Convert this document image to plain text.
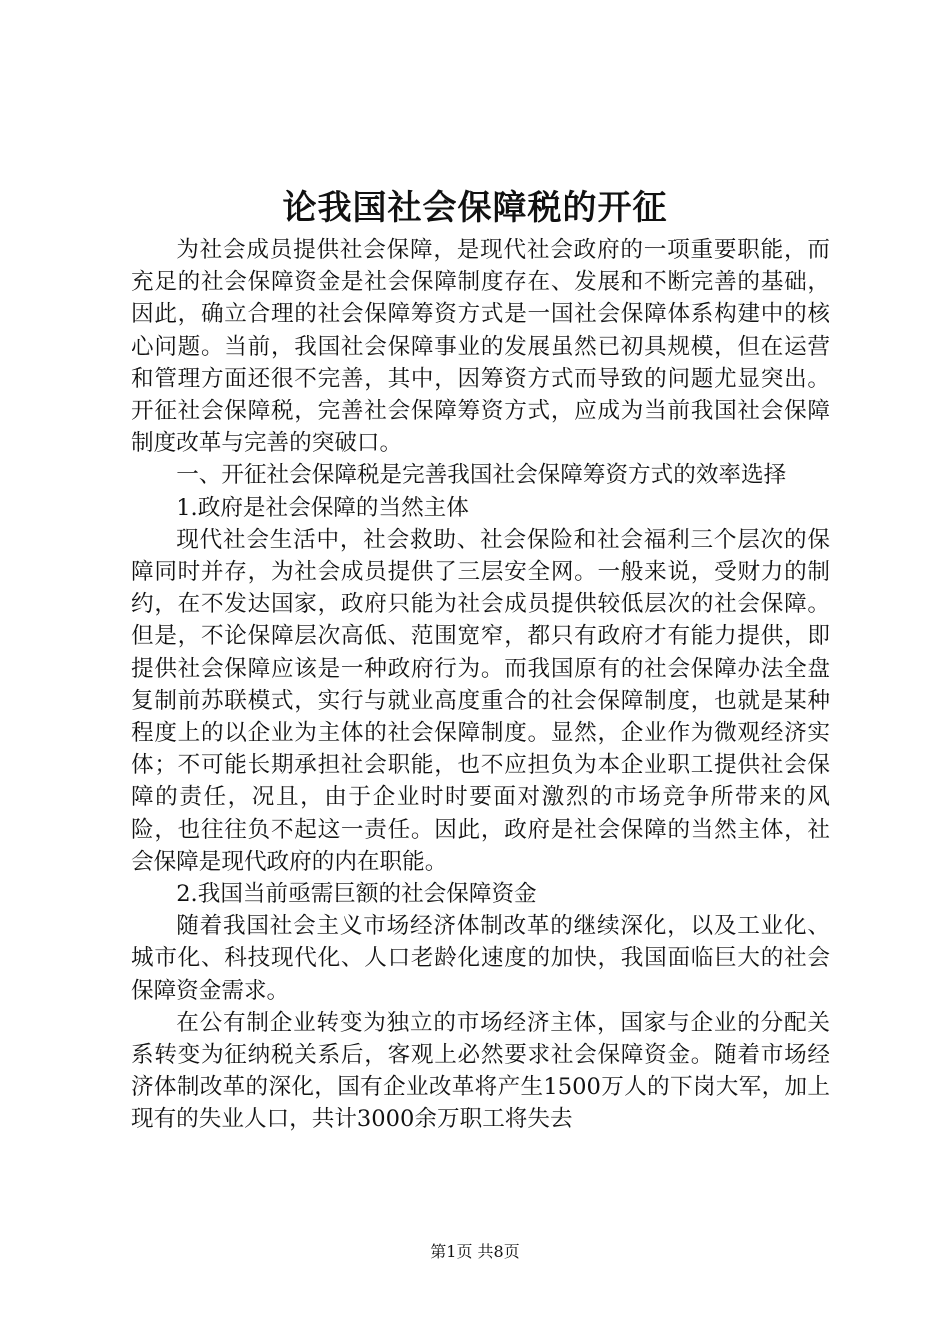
论我国社会保障税的开征

为社会成员提供社会保障，是现代社会政府的一项重要职能，而充足的社会保障资金是社会保障制度存在、发展和不断完善的基础，因此，确立合理的社会保障筹资方式是一国社会保障体系构建中的核心问题。当前，我国社会保障事业的发展虽然已初具规模，但在运营和管理方面还很不完善，其中，因筹资方式而导致的问题尤显突出。开征社会保障税，完善社会保障筹资方式，应成为当前我国社会保障制度改革与完善的突破口。

一、开征社会保障税是完善我国社会保障筹资方式的效率选择

1.政府是社会保障的当然主体

现代社会生活中，社会救助、社会保险和社会福利三个层次的保障同时并存，为社会成员提供了三层安全网。一般来说，受财力的制约，在不发达国家，政府只能为社会成员提供较低层次的社会保障。但是，不论保障层次高低、范围宽窄，都只有政府才有能力提供，即提供社会保障应该是一种政府行为。而我国原有的社会保障办法全盘复制前苏联模式，实行与就业高度重合的社会保障制度，也就是某种程度上的以企业为主体的社会保障制度。显然，企业作为微观经济实体；不可能长期承担社会职能，也不应担负为本企业职工提供社会保障的责任，况且，由于企业时时要面对激烈的市场竞争所带来的风险，也往往负不起这一责任。因此，政府是社会保障的当然主体，社会保障是现代政府的内在职能。

2.我国当前亟需巨额的社会保障资金

随着我国社会主义市场经济体制改革的继续深化，以及工业化、城市化、科技现代化、人口老龄化速度的加快，我国面临巨大的社会保障资金需求。

在公有制企业转变为独立的市场经济主体，国家与企业的分配关系转变为征纳税关系后，客观上必然要求社会保障资金。随着市场经济体制改革的深化，国有企业改革将产生1500万人的下岗大军，加上现有的失业人口，共计3000余万职工将失去

第1页 共8页
